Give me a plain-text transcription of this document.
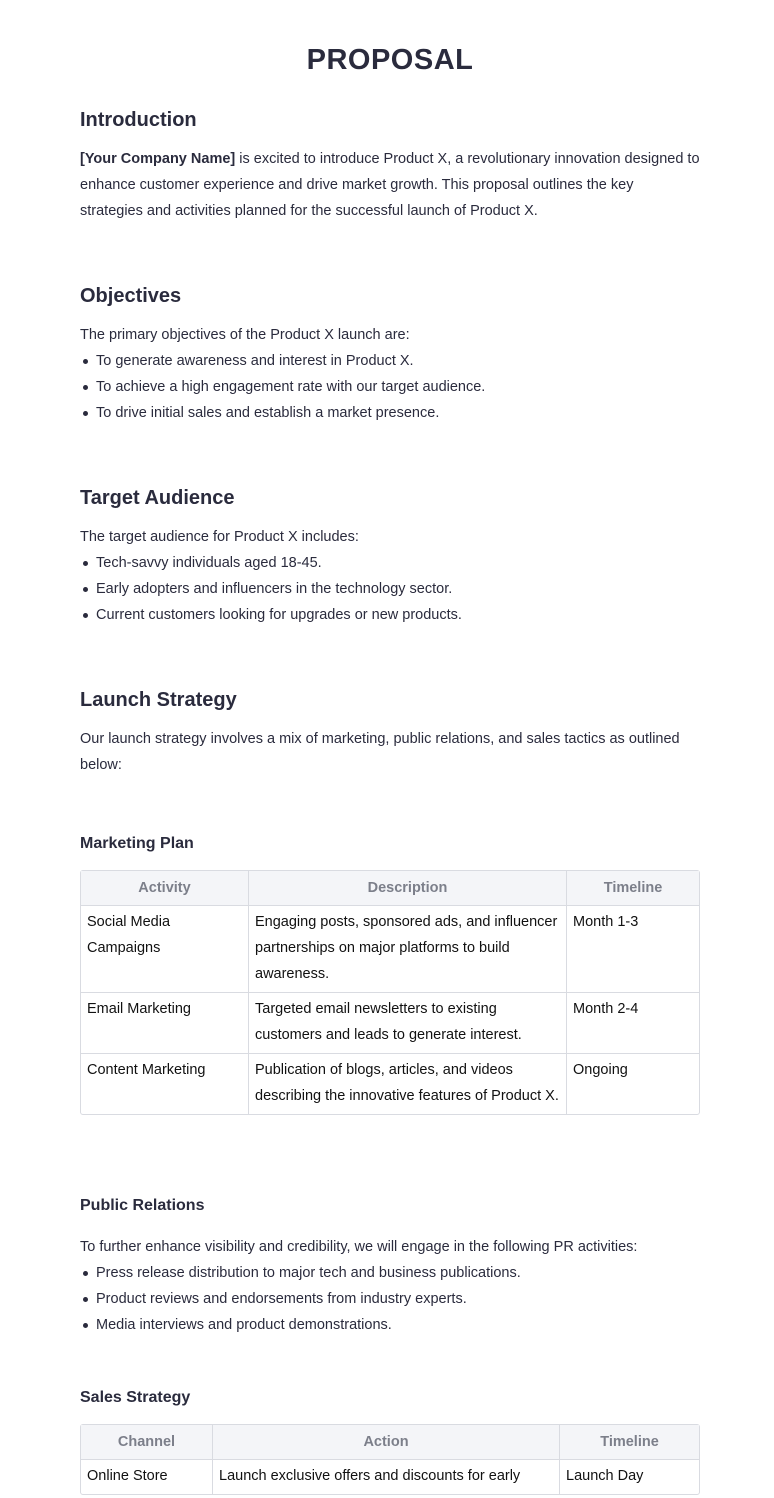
PROPOSAL
Introduction

[Your Company Name] is excited to introduce Product X, a revolutionary innovation designed to enhance customer experience and drive market growth. This proposal outlines the key strategies and activities planned for the successful launch of Product X.

Objectives

The primary objectives of the Product X launch are:

To generate awareness and interest in Product X.
To achieve a high engagement rate with our target audience.
To drive initial sales and establish a market presence.
Target Audience

The target audience for Product X includes:

Tech-savvy individuals aged 18-45.
Early adopters and influencers in the technology sector.
Current customers looking for upgrades or new products.
Launch Strategy

Our launch strategy involves a mix of marketing, public relations, and sales tactics as outlined below:

Marketing Plan
Activity	Description	Timeline
Social Media Campaigns	Engaging posts, sponsored ads, and influencer partnerships on major platforms to build awareness.	Month 1-3
Email Marketing	Targeted email newsletters to existing customers and leads to generate interest.	Month 2-4
Content Marketing	Publication of blogs, articles, and videos describing the innovative features of Product X.	Ongoing
Public Relations

To further enhance visibility and credibility, we will engage in the following PR activities:

Press release distribution to major tech and business publications.
Product reviews and endorsements from industry experts.
Media interviews and product demonstrations.
Sales Strategy
Channel	Action	Timeline
Online Store	Launch exclusive offers and discounts for early	Launch Day
